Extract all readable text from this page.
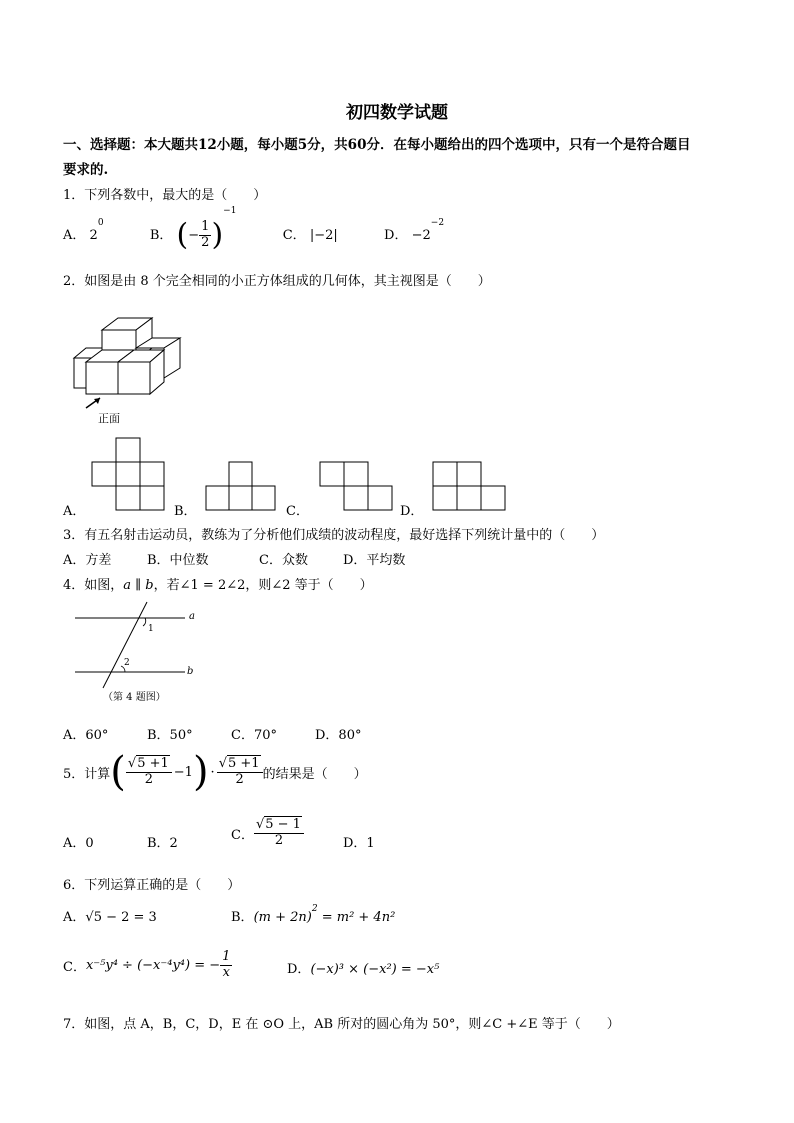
初四数学试题
一、选择题：本大题共12小题，每小题5分，共60分．在每小题给出的四个选项中，只有一个是符合题目
要求的.
1．下列各数中，最大的是（　　）
A． $2^0$  B． (− $\frac{1}{2} )^{-1}$  C． |−2|	D． $-2^{-2}$
2．如图是由 8 个完全相同的小正方体组成的几何体，其主视图是（　　）
正面
A．	B．	C．	D．
3．有五名射击运动员，教练为了分析他们成绩的波动程度，最好选择下列统计量中的（　　）
A．方差	B．中位数	C．众数	D．平均数
4．如图，a ∥ b，若∠1 = 2∠2，则∠2 等于（　　）
a
b
1
2
（第 4 题图）
A．60°	B．50°	C．70°	D．80°
5．计算 ( $\frac{√5 +1}{2} -1$ ) · $\frac{√5 +1}{2}$ 的结果是（　　）
A．0	B．2
C． $\frac{√5 - 1}{2}$	D．1
6．下列运算正确的是（　　）
A．√5 − 2 = 3	B．$(m + 2n)^2 = m^2 + 4n^2$
C． x⁻⁵y⁴ ÷ (−x⁻⁴y⁴) = − $\frac{1}{x}$	D．(−x)³ × (−x²) = −x⁵
7．如图，点 A，B，C，D，E 在 ⊙O 上，AB 所对的圆心角为 50°，则∠C +∠E 等于（　　）
